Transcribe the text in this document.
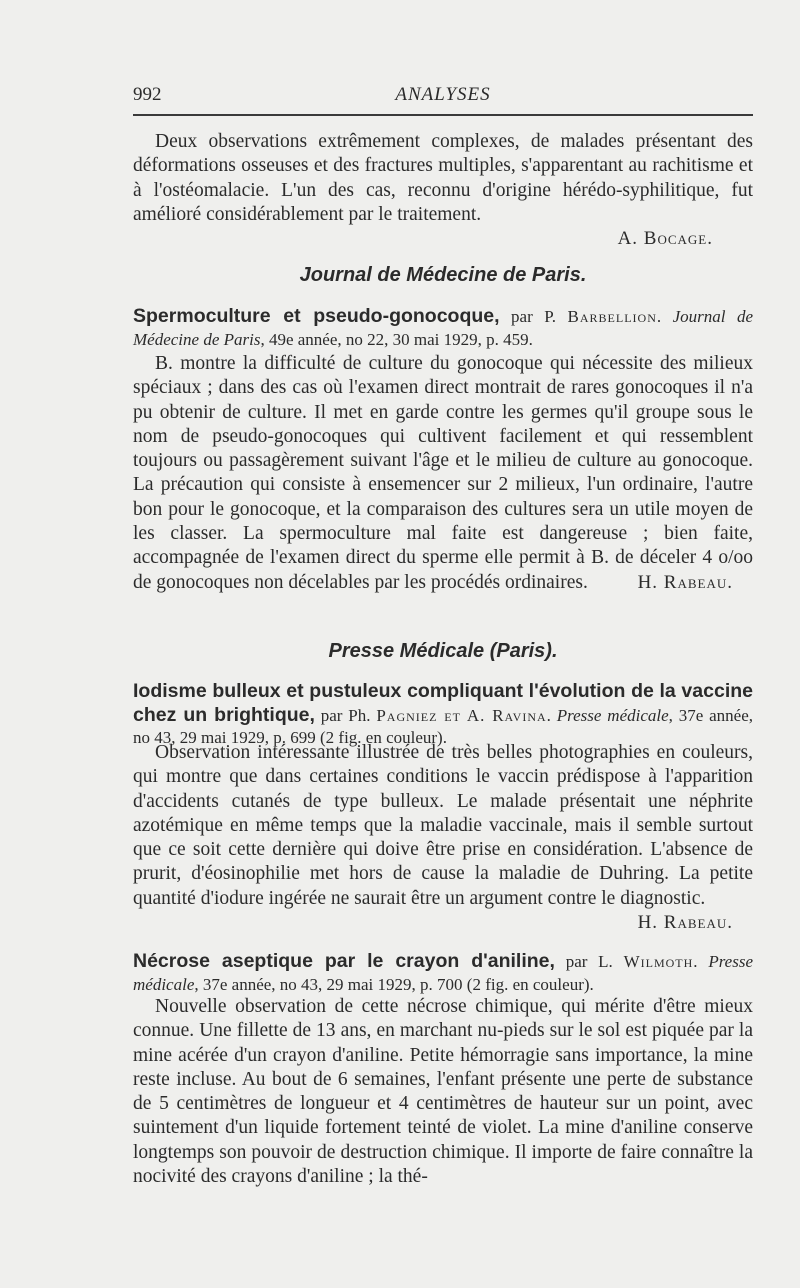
992	ANALYSES

Deux observations extrêmement complexes, de malades présentant des déformations osseuses et des fractures multiples, s'apparentant au rachitisme et à l'ostéomalacie. L'un des cas, reconnu d'origine hérédo-syphilitique, fut amélioré considérablement par le traitement.

A. Bocage.

Journal de Médecine de Paris.
Spermoculture et pseudo-gonocoque, par P. Barbellion. Journal de Médecine de Paris, 49e année, no 22, 30 mai 1929, p. 459.

B. montre la difficulté de culture du gonocoque qui nécessite des milieux spéciaux ; dans des cas où l'examen direct montrait de rares gonocoques il n'a pu obtenir de culture. Il met en garde contre les germes qu'il groupe sous le nom de pseudo-gonocoques qui cultivent facilement et qui ressemblent toujours ou passagèrement suivant l'âge et le milieu de culture au gonocoque. La précaution qui consiste à ensemencer sur 2 milieux, l'un ordinaire, l'autre bon pour le gonocoque, et la comparaison des cultures sera un utile moyen de les classer. La spermoculture mal faite est dangereuse ; bien faite, accompagnée de l'examen direct du sperme elle permit à B. de déceler 4 o/oo de gonocoques non décelables par les procédés ordinaires.	H. Rabeau.

Presse Médicale (Paris).
Iodisme bulleux et pustuleux compliquant l'évolution de la vaccine chez un brightique, par Ph. Pagniez et A. Ravina. Presse médicale, 37e année, no 43, 29 mai 1929, p. 699 (2 fig. en couleur).

Observation intéressante illustrée de très belles photographies en couleurs, qui montre que dans certaines conditions le vaccin prédispose à l'apparition d'accidents cutanés de type bulleux. Le malade présentait une néphrite azotémique en même temps que la maladie vaccinale, mais il semble surtout que ce soit cette dernière qui doive être prise en considération. L'absence de prurit, d'éosinophilie met hors de cause la maladie de Duhring. La petite quantité d'iodure ingérée ne saurait être un argument contre le diagnostic.

H. Rabeau.

Nécrose aseptique par le crayon d'aniline, par L. Wilmoth. Presse médicale, 37e année, no 43, 29 mai 1929, p. 700 (2 fig. en couleur).

Nouvelle observation de cette nécrose chimique, qui mérite d'être mieux connue. Une fillette de 13 ans, en marchant nu-pieds sur le sol est piquée par la mine acérée d'un crayon d'aniline. Petite hémorragie sans importance, la mine reste incluse. Au bout de 6 semaines, l'enfant présente une perte de substance de 5 centimètres de longueur et 4 centimètres de hauteur sur un point, avec suintement d'un liquide fortement teinté de violet. La mine d'aniline conserve longtemps son pouvoir de destruction chimique. Il importe de faire connaître la nocivité des crayons d'aniline ; la thé-
